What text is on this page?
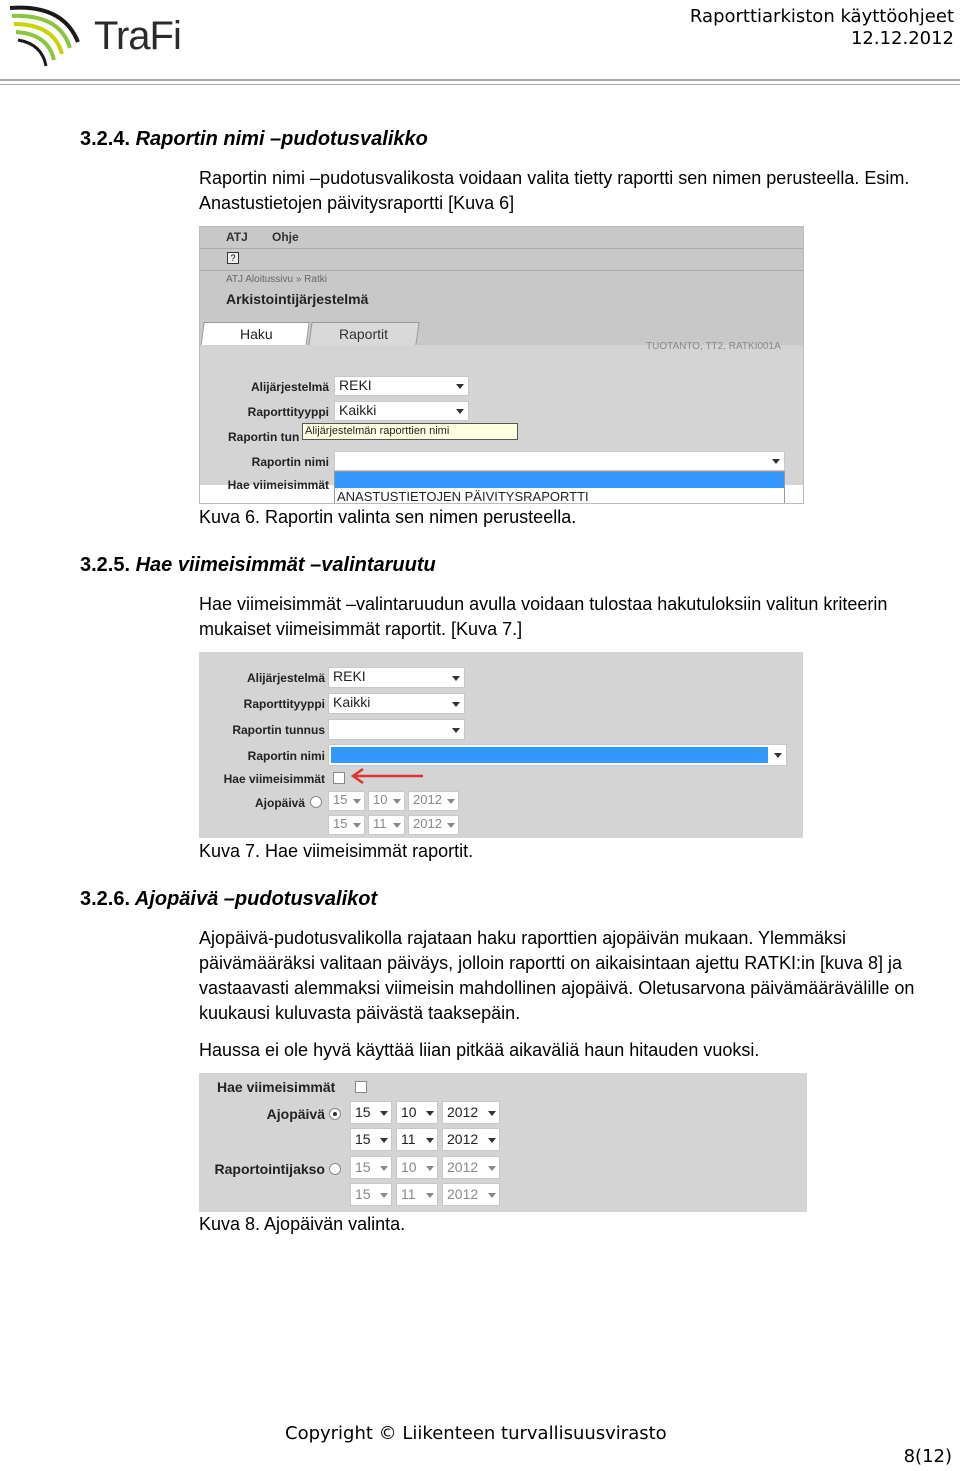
TraFi	Raporttiarkiston käyttöohjeet
12.12.2012
3.2.4. Raportin nimi –pudotusvalikko
Raportin nimi –pudotusvalikosta voidaan valita tietty raportti sen nimen perusteella. Esim. Anastustietojen päivitysraportti [Kuva 6]
ATJ Ohje
?
ATJ Aloitussivu » Ratki
Arkistointijärjestelmä
Haku	Raportit
TUOTANTO, TT2, RATKI001A
Alijärjestelmä REKI
Raporttityyppi Kaikki
Raportin tun Alijärjestelmän raporttien nimi
Raportin nimi
Hae viimeisimmät
ANASTUSTIETOJEN PÄIVITYSRAPORTTI
Kuva 6. Raportin valinta sen nimen perusteella.
3.2.5. Hae viimeisimmät –valintaruutu
Hae viimeisimmät –valintaruudun avulla voidaan tulostaa hakutuloksiin valitun kriteerin mukaiset viimeisimmät raportit. [Kuva 7.]
Alijärjestelmä REKI
Raporttityyppi Kaikki
Raportin tunnus
Raportin nimi
Hae viimeisimmät
Ajopäivä	15	10	2012
15	11	2012
Kuva 7. Hae viimeisimmät raportit.
3.2.6. Ajopäivä –pudotusvalikot
Ajopäivä-pudotusvalikolla rajataan haku raporttien ajopäivän mukaan. Ylemmäksi päivämääräksi valitaan päiväys, jolloin raportti on aikaisintaan ajettu RATKI:in [kuva 8] ja vastaavasti alemmaksi viimeisin mahdollinen ajopäivä. Oletusarvona päivämäärävälille on kuukausi kuluvasta päivästä taaksepäin.
Haussa ei ole hyvä käyttää liian pitkää aikaväliä haun hitauden vuoksi.
Hae viimeisimmät
Ajopäivä	15	10	2012
15	11	2012
Raportointijakso	15	10	2012
15	11	2012
Kuva 8. Ajopäivän valinta.
Copyright © Liikenteen turvallisuusvirasto
8(12)
